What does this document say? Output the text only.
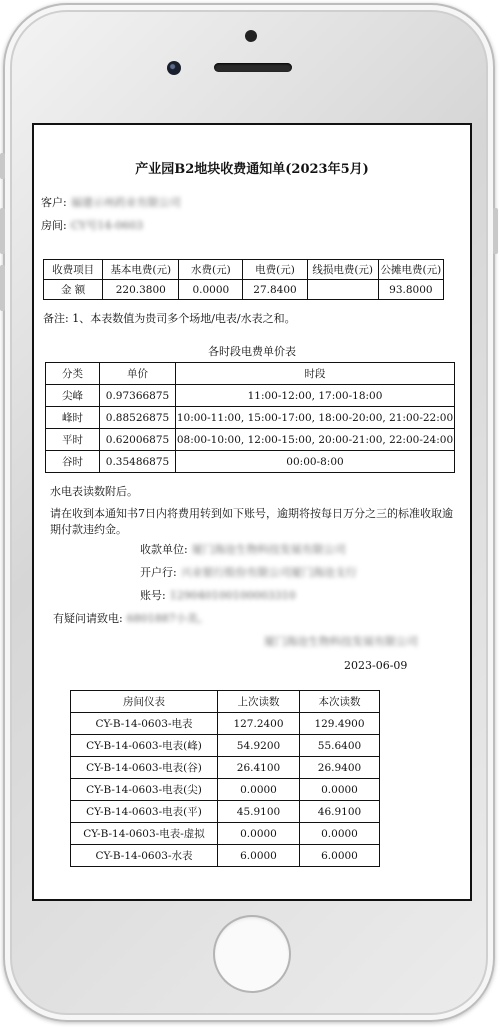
产业园B2地块收费通知单(2023年5月)
客户: 福建示州药业有限公司
房间: CY号14-0603
收费项目	基本电费(元)	水费(元)	电费(元)	线损电费(元)	公摊电费(元)
金 额	220.3800	0.0000	27.8400		93.8000
备注: 1、本表数值为贵司多个场地/电表/水表之和。
各时段电费单价表
分类	单价	时段
尖峰	0.97366875	11:00-12:00, 17:00-18:00
峰时	0.88526875	10:00-11:00, 15:00-17:00, 18:00-20:00, 21:00-22:00
平时	0.62006875	08:00-10:00, 12:00-15:00, 20:00-21:00, 22:00-24:00
谷时	0.35486875	00:00-8:00
水电表读数附后。
请在收到本通知书7日内将费用转到如下账号，逾期将按每日万分之三的标准收取逾
期付款违约金。
收款单位: 厦门海沧生物科技发展有限公司
开户行: 兴业银行股份有限公司厦门海沧支行
账号: 129040100100003310
有疑问请致电: 6801887小美。
厦门海沧生物科技发展有限公司
2023-06-09
房间仪表	上次读数	本次读数
CY-B-14-0603-电表	127.2400	129.4900
CY-B-14-0603-电表(峰)	54.9200	55.6400
CY-B-14-0603-电表(谷)	26.4100	26.9400
CY-B-14-0603-电表(尖)	0.0000	0.0000
CY-B-14-0603-电表(平)	45.9100	46.9100
CY-B-14-0603-电表-虚拟	0.0000	0.0000
CY-B-14-0603-水表	6.0000	6.0000
